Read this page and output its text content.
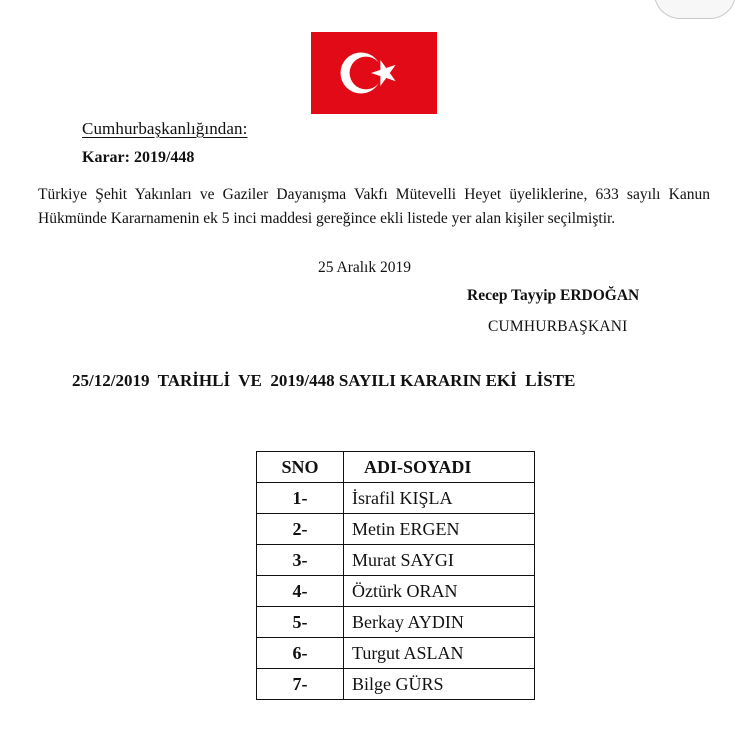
Cumhurbaşkanlığından:
Karar: 2019/448
Türkiye Şehit Yakınları ve Gaziler Dayanışma Vakfı Mütevelli Heyet üyeliklerine, 633 sayılı Kanun Hükmünde Kararnamenin ek 5 inci maddesi gereğince ekli listede yer alan kişiler seçilmiştir.
25 Aralık 2019
Recep Tayyip ERDOĞAN
CUMHURBAŞKANI
25/12/2019  TARİHLİ  VE  2019/448 SAYILI KARARIN EKİ  LİSTE
SNO	ADI-SOYADI
1-	İsrafil KIŞLA
2-	Metin ERGEN
3-	Murat SAYGI
4-	Öztürk ORAN
5-	Berkay AYDIN
6-	Turgut ASLAN
7-	Bilge GÜRS
